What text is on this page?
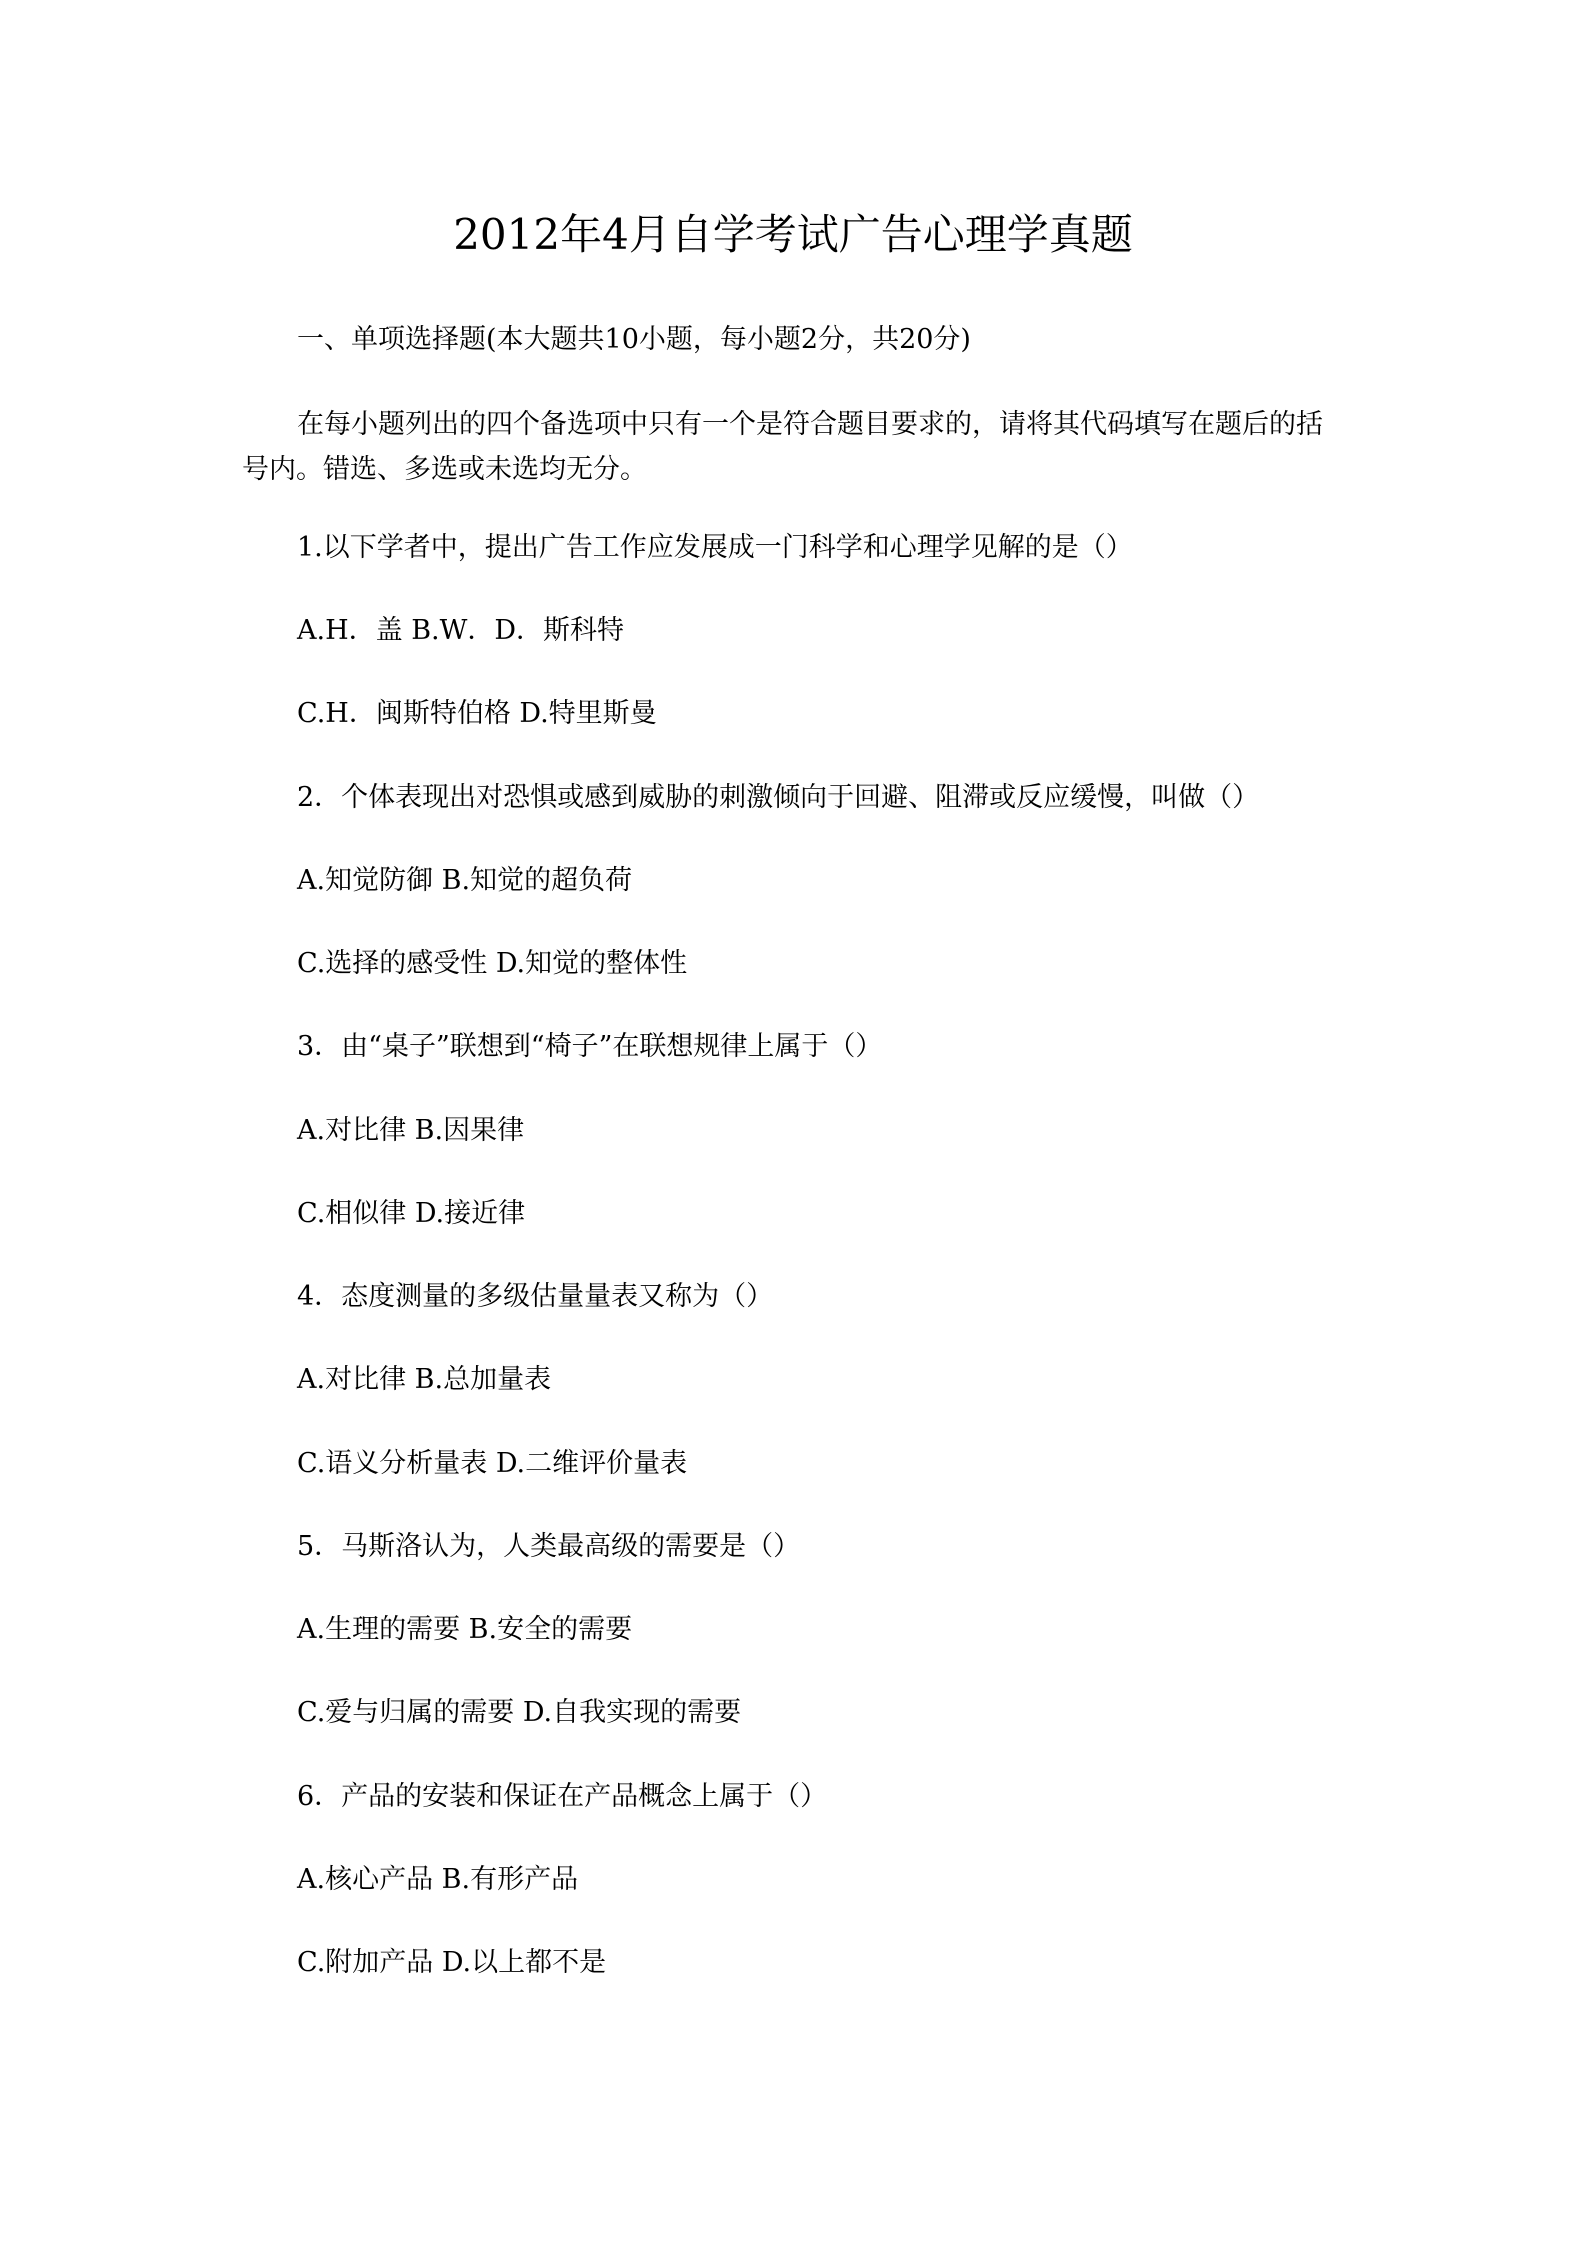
2012年4月自学考试广告心理学真题
一、单项选择题(本大题共10小题，每小题2分，共20分)
在每小题列出的四个备选项中只有一个是符合题目要求的，请将其代码填写在题后的括
号内。错选、多选或未选均无分。
1.以下学者中，提出广告工作应发展成一门科学和心理学见解的是（）
A.H．盖 B.W．D．斯科特
C.H．闽斯特伯格 D.特里斯曼
2．个体表现出对恐惧或感到威胁的刺激倾向于回避、阻滞或反应缓慢，叫做（）
A.知觉防御 B.知觉的超负荷
C.选择的感受性 D.知觉的整体性
3．由“桌子”联想到“椅子”在联想规律上属于（）
A.对比律 B.因果律
C.相似律 D.接近律
4．态度测量的多级估量量表又称为（）
A.对比律 B.总加量表
C.语义分析量表 D.二维评价量表
5．马斯洛认为，人类最高级的需要是（）
A.生理的需要 B.安全的需要
C.爱与归属的需要 D.自我实现的需要
6．产品的安装和保证在产品概念上属于（）
A.核心产品 B.有形产品
C.附加产品 D.以上都不是
